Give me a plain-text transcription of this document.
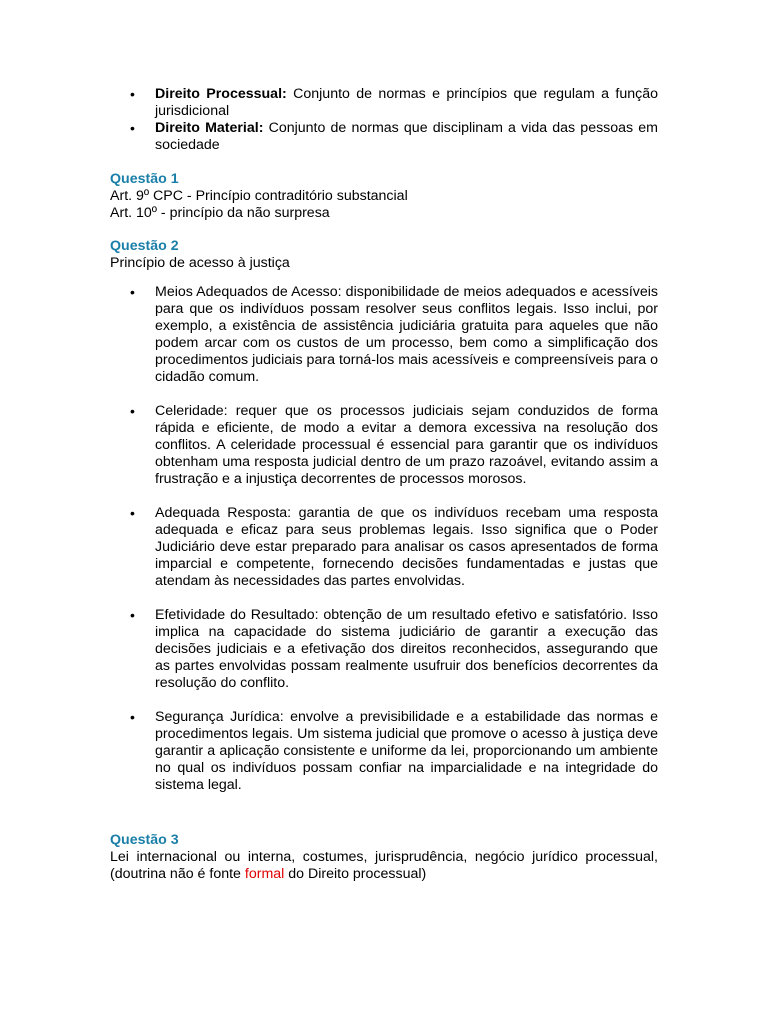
• Direito Processual: Conjunto de normas e princípios que regulam a função jurisdicional
• Direito Material: Conjunto de normas que disciplinam a vida das pessoas em sociedade

Questão 1

Art. 9º CPC - Princípio contraditório substancial

Art. 10º - princípio da não surpresa

Questão 2

Princípio de acesso à justiça

• Meios Adequados de Acesso: disponibilidade de meios adequados e acessíveis para que os indivíduos possam resolver seus conflitos legais. Isso inclui, por exemplo, a existência de assistência judiciária gratuita para aqueles que não podem arcar com os custos de um processo, bem como a simplificação dos procedimentos judiciais para torná-los mais acessíveis e compreensíveis para o cidadão comum.
• Celeridade: requer que os processos judiciais sejam conduzidos de forma rápida e eficiente, de modo a evitar a demora excessiva na resolução dos conflitos. A celeridade processual é essencial para garantir que os indivíduos obtenham uma resposta judicial dentro de um prazo razoável, evitando assim a frustração e a injustiça decorrentes de processos morosos.
• Adequada Resposta: garantia de que os indivíduos recebam uma resposta adequada e eficaz para seus problemas legais. Isso significa que o Poder Judiciário deve estar preparado para analisar os casos apresentados de forma imparcial e competente, fornecendo decisões fundamentadas e justas que atendam às necessidades das partes envolvidas.
• Efetividade do Resultado: obtenção de um resultado efetivo e satisfatório. Isso implica na capacidade do sistema judiciário de garantir a execução das decisões judiciais e a efetivação dos direitos reconhecidos, assegurando que as partes envolvidas possam realmente usufruir dos benefícios decorrentes da resolução do conflito.
• Segurança Jurídica: envolve a previsibilidade e a estabilidade das normas e procedimentos legais. Um sistema judicial que promove o acesso à justiça deve garantir a aplicação consistente e uniforme da lei, proporcionando um ambiente no qual os indivíduos possam confiar na imparcialidade e na integridade do sistema legal.

Questão 3

Lei internacional ou interna, costumes, jurisprudência, negócio jurídico processual, (doutrina não é fonte formal do Direito processual)
